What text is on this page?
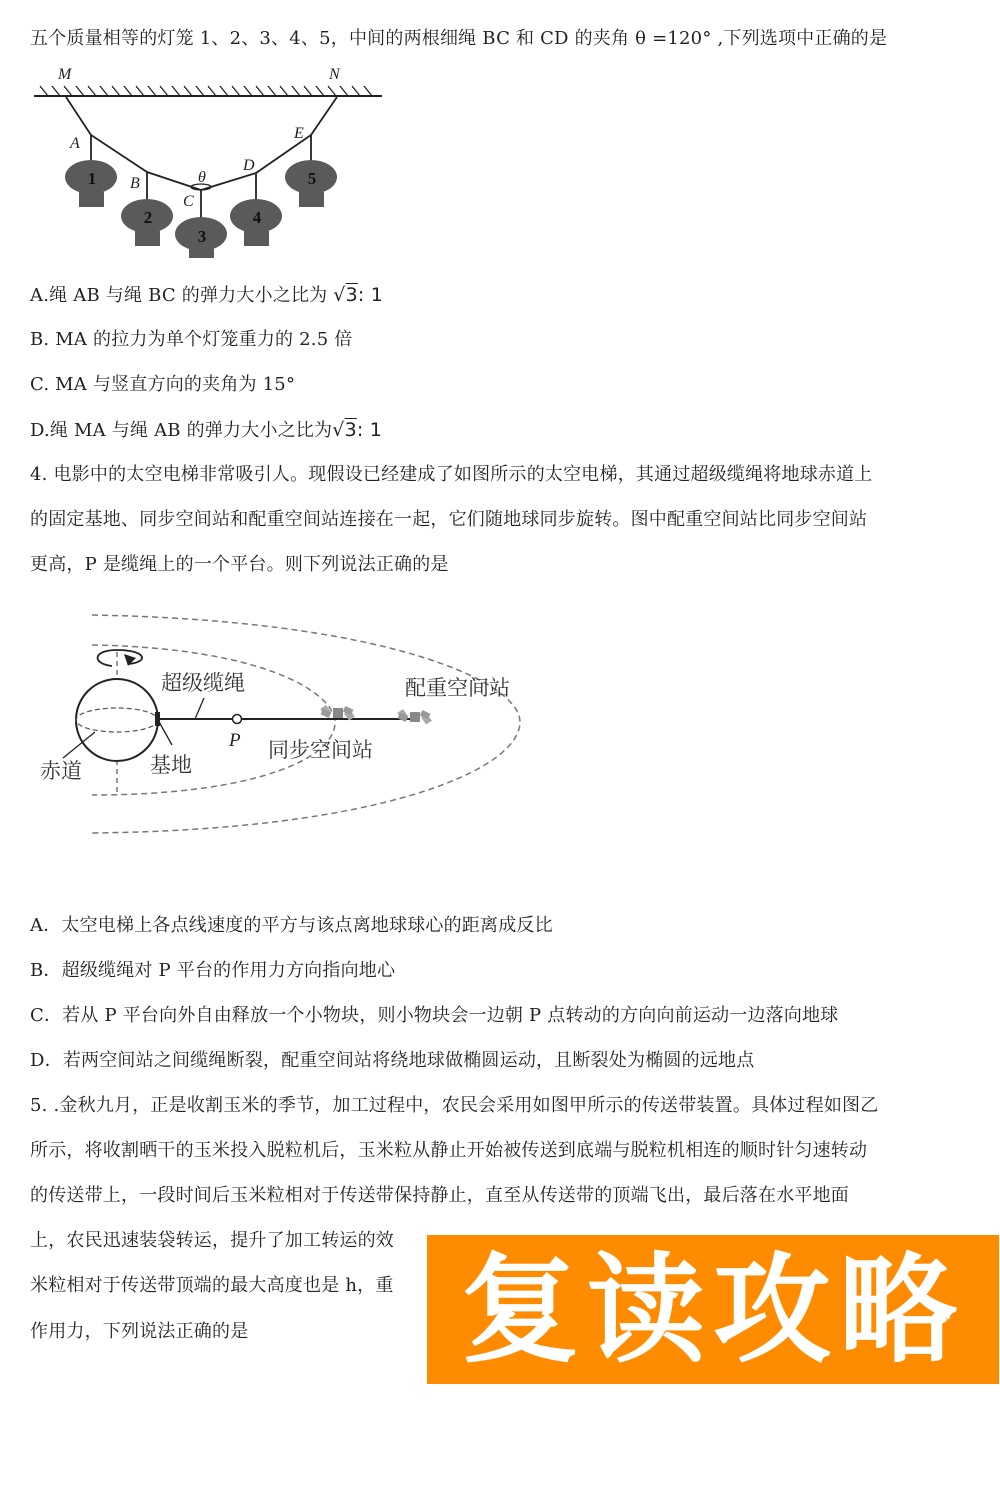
五个质量相等的灯笼 1、2、3、4、5，中间的两根细绳 BC 和 CD 的夹角 θ =120° ,下列选项中正确的是
1
2
3
4
5
M	N
A
B
C
D
E
θ
A.绳 AB 与绳 BC 的弹力大小之比为 √3: 1
B. MA 的拉力为单个灯笼重力的 2.5 倍
C. MA 与竖直方向的夹角为 15°
D.绳 MA 与绳 AB 的弹力大小之比为√3: 1
4. 电影中的太空电梯非常吸引人。现假设已经建成了如图所示的太空电梯，其通过超级缆绳将地球赤道上
的固定基地、同步空间站和配重空间站连接在一起，它们随地球同步旋转。图中配重空间站比同步空间站
更高，P 是缆绳上的一个平台。则下列说法正确的是
超级缆绳	配重空间站
同步空间站
赤道	基地
P
A．太空电梯上各点线速度的平方与该点离地球球心的距离成反比
B．超级缆绳对 P 平台的作用力方向指向地心
C．若从 P 平台向外自由释放一个小物块，则小物块会一边朝 P 点转动的方向向前运动一边落向地球
D．若两空间站之间缆绳断裂，配重空间站将绕地球做椭圆运动，且断裂处为椭圆的远地点
5. .金秋九月，正是收割玉米的季节，加工过程中，农民会采用如图甲所示的传送带装置。具体过程如图乙
所示，将收割晒干的玉米投入脱粒机后，玉米粒从静止开始被传送到底端与脱粒机相连的顺时针匀速转动
的传送带上，一段时间后玉米粒相对于传送带保持静止，直至从传送带的顶端飞出，最后落在水平地面
上，农民迅速装袋转运，提升了加工转运的效
米粒相对于传送带顶端的最大高度也是 h，重
作用力，下列说法正确的是 复读攻略
